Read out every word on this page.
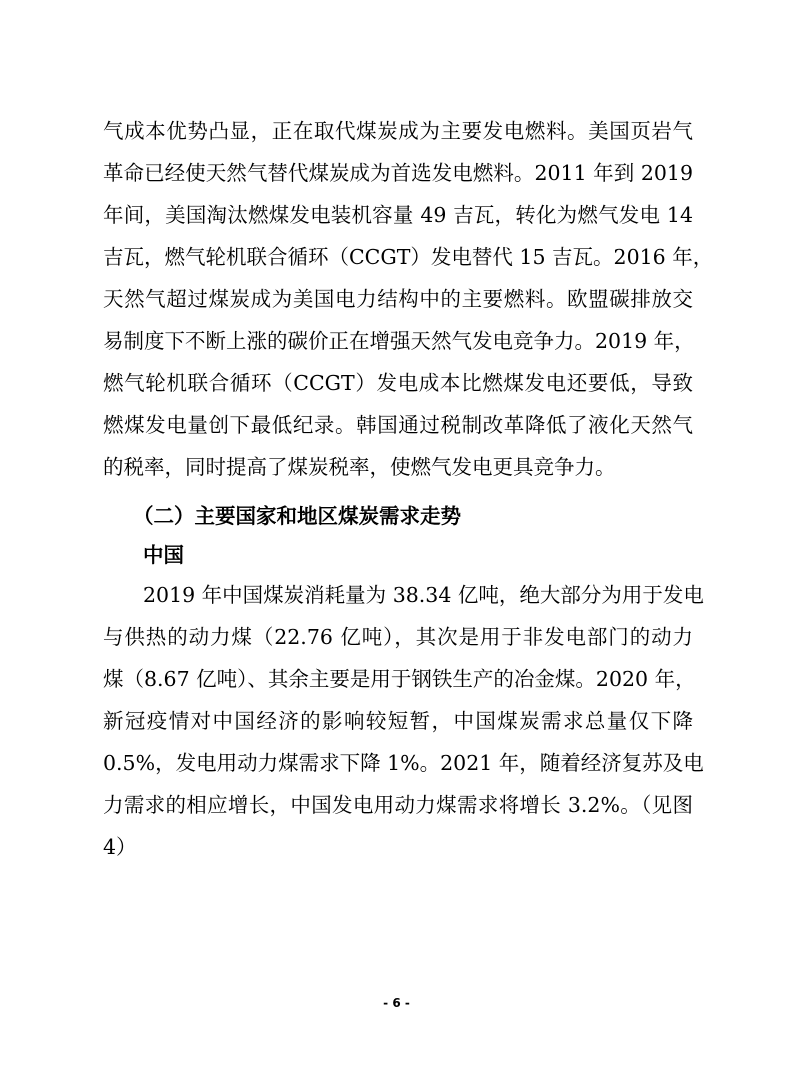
气成本优势凸显，正在取代煤炭成为主要发电燃料。美国页岩气
革命已经使天然气替代煤炭成为首选发电燃料。2011 年到 2019
年间，美国淘汰燃煤发电装机容量 49 吉瓦，转化为燃气发电 14
吉瓦，燃气轮机联合循环（CCGT）发电替代 15 吉瓦。2016 年，
天然气超过煤炭成为美国电力结构中的主要燃料。欧盟碳排放交
易制度下不断上涨的碳价正在增强天然气发电竞争力。2019 年，
燃气轮机联合循环（CCGT）发电成本比燃煤发电还要低，导致
燃煤发电量创下最低纪录。韩国通过税制改革降低了液化天然气
的税率，同时提高了煤炭税率，使燃气发电更具竞争力。
（二）主要国家和地区煤炭需求走势
中国
2019 年中国煤炭消耗量为 38.34 亿吨，绝大部分为用于发电
与供热的动力煤（22.76 亿吨），其次是用于非发电部门的动力
煤（8.67 亿吨）、其余主要是用于钢铁生产的冶金煤。2020 年，
新冠疫情对中国经济的影响较短暂，中国煤炭需求总量仅下降
0.5%，发电用动力煤需求下降 1%。2021 年，随着经济复苏及电
力需求的相应增长，中国发电用动力煤需求将增长 3.2%。（见图
4）
- 6 -
